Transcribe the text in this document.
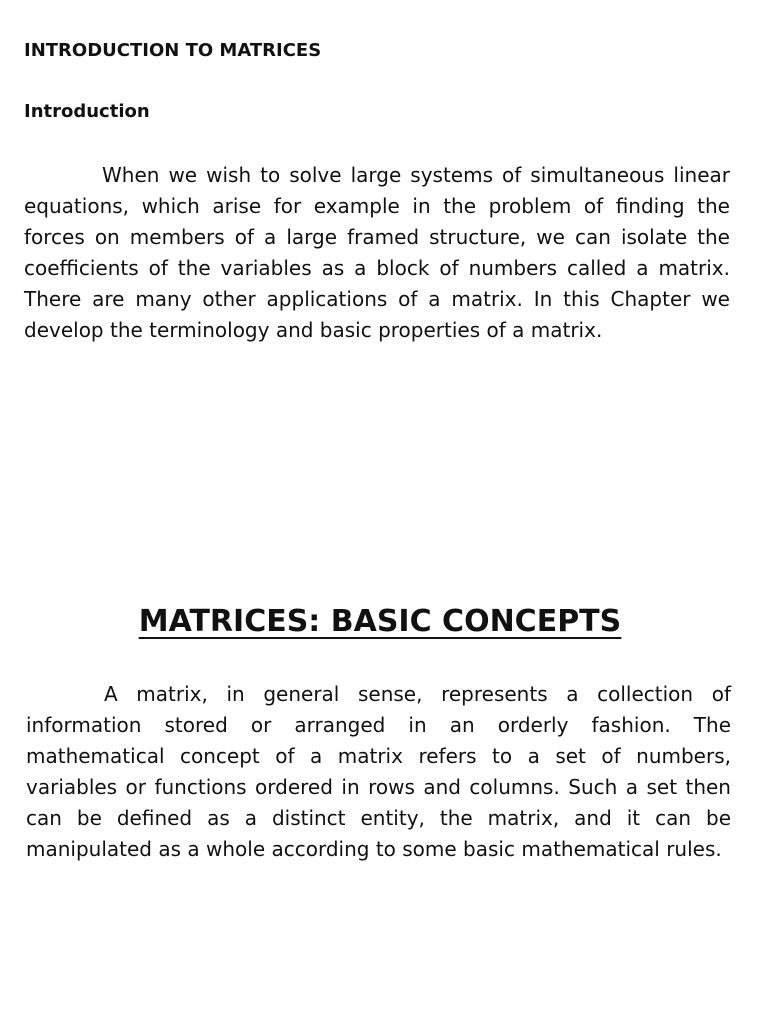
INTRODUCTION TO MATRICES
Introduction

When we wish to solve large systems of simultaneous linear equations, which arise for example in the problem of finding the forces on members of a large framed structure, we can isolate the coefficients of the variables as a block of numbers called a matrix. There are many other applications of a matrix. In this Chapter we develop the terminology and basic properties of a matrix.

MATRICES: BASIC CONCEPTS

A matrix, in general sense, represents a collection of information stored or arranged in an orderly fashion. The mathematical concept of a matrix refers to a set of numbers, variables or functions ordered in rows and columns. Such a set then can be defined as a distinct entity, the matrix, and it can be manipulated as a whole according to some basic mathematical rules.
